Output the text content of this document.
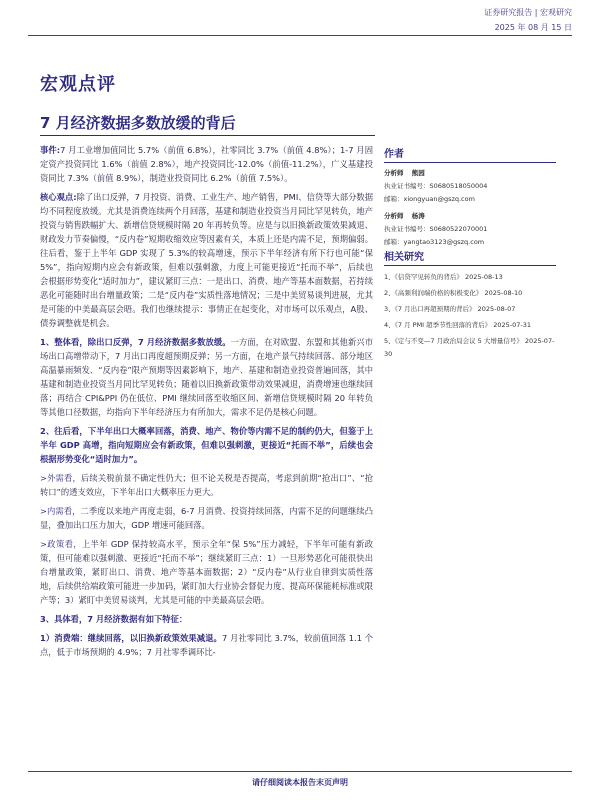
证券研究报告 | 宏观研究
2025 年 08 月 15 日
宏观点评
7 月经济数据多数放缓的背后

事件:7 月工业增加值同比 5.7%（前值 6.8%），社零同比 3.7%（前值 4.8%）；1-7 月固定资产投资同比 1.6%（前值 2.8%），地产投资同比-12.0%（前值-11.2%），广义基建投资同比 7.3%（前值 8.9%），制造业投资同比 6.2%（前值 7.5%）。

核心观点:除了出口反弹，7 月投资、消费、工业生产、地产销售，PMI、信贷等大部分数据均不同程度放缓。尤其是消费连续两个月回落，基建和制造业投资当月同比罕见转负，地产投资与销售跌幅扩大、新增信贷规模时隔 20 年再转负等。应是与以旧换新政策效果减退、财政发力节奏偏慢，“反内卷”短期收缩效应等因素有关，本质上还是内需不足，预期偏弱。往后看，鉴于上半年 GDP 实现了 5.3%的较高增速，预示下半年经济有所下行也可能“保 5%”，指向短期内应会有新政策，但难以强刺激，力度上可能更接近“托而不举”，后续也会根据形势变化“适时加力”，建议紧盯三点：一是出口、消费、地产等基本面数据，若持续恶化可能随时出台增量政策；二是“反内卷”实质性落地情况；三是中美贸易谈判进展，尤其是可能的中美最高层会晤。我们也继续提示：事情正在起变化，对市场可以乐观点，A股、债券调整就是机会。

1、整体看，除出口反弹，7 月经济数据多数放缓。一方面，在对欧盟、东盟和其他新兴市场出口高增带动下，7 月出口再度超预期反弹；另一方面，在地产景气持续回落、部分地区高温暴雨频发、“反内卷”限产预期等因素影响下，地产、基建和制造业投资普遍回落，其中基建和制造业投资当月同比罕见转负；随着以旧换新政策带动效果减退，消费增速也继续回落；再结合 CPI&PPI 仍在低位、PMI 继续回落至收缩区间、新增信贷规模时隔 20 年转负等其他口径数据，均指向下半年经济压力有所加大，需求不足仍是核心问题。

2、往后看，下半年出口大概率回落，消费、地产、物价等内需不足的制约仍大，但鉴于上半年 GDP 高增，指向短期应会有新政策，但难以强刺激，更接近“托而不举”，后续也会根据形势变化“适时加力”。

>外需看，后续关税前景不确定性仍大；但不论关税是否提高，考虑到前期“抢出口”、“抢转口”的透支效应，下半年出口大概率压力更大。

>内需看，二季度以来地产再度走弱，6-7 月消费、投资持续回落，内需不足的问题继续凸显，叠加出口压力加大，GDP 增速可能回落。

>政策看，上半年 GDP 保持较高水平，预示全年“保 5%”压力减轻，下半年可能有新政策，但可能难以强刺激、更接近“托而不举”；继续紧盯三点：1）一旦形势恶化可能很快出台增量政策，紧盯出口、消费、地产等基本面数据；2）“反内卷”从行业自律到实质性落地，后续供给端政策可能进一步加码，紧盯加大行业协会督促力度、提高环保能耗标准或限产等；3）紧盯中美贸易谈判，尤其是可能的中美最高层会晤。

3、具体看，7 月经济数据有如下特征：

1）消费端：继续回落，以旧换新政策效果减退。7 月社零同比 3.7%，较前值回落 1.1 个点，低于市场预期的 4.9%；7 月社零季调环比-

作者
分析师 熊园
执业证书编号：S0680518050004
邮箱：xiongyuan@gszq.com
分析师 杨涛
执业证书编号：S0680522070001
邮箱：yangtao3123@gszq.com
相关研究
1、《信贷罕见转负的背后》 2025-08-13
2、《高频利润端价格的积极变化》 2025-08-10
3、《7 月出口再超预期的背后》 2025-08-07
4、《7 月 PMI 超季节性回落的背后》 2025-07-31
5、《定与不变—7 月政治局会议 5 大增量信号》 2025-07-30
请仔细阅读本报告末页声明
